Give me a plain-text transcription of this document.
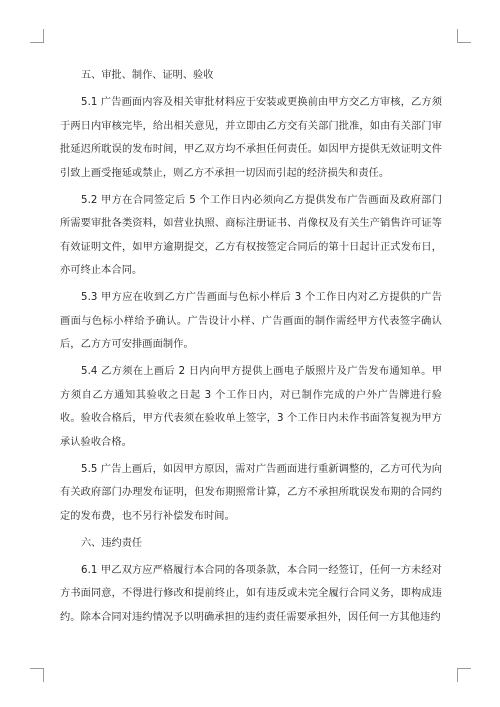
五、审批、制作、证明、验收

5.1 广告画面内容及相关审批材料应于安装或更换前由甲方交乙方审核，乙方须于两日内审核完毕，给出相关意见，并立即由乙方交有关部门批准，如由有关部门审批延迟所耽误的发布时间，甲乙双方均不承担任何责任。如因甲方提供无效证明文件引致上画受拖延或禁止，则乙方不承担一切因而引起的经济损失和责任。

5.2 甲方在合同签定后 5 个工作日内必须向乙方提供发布广告画面及政府部门所需要审批各类资料，如营业执照、商标注册证书、肖像权及有关生产销售许可证等有效证明文件，如甲方逾期提交，乙方有权按签定合同后的第十日起计正式发布日，亦可终止本合同。

5.3 甲方应在收到乙方广告画面与色标小样后 3 个工作日内对乙方提供的广告画面与色标小样给予确认。广告设计小样、广告画面的制作需经甲方代表签字确认后，乙方方可安排画面制作。

5.4 乙方须在上画后 2 日内向甲方提供上画电子版照片及广告发布通知单。甲方须自乙方通知其验收之日起 3 个工作日内，对已制作完成的户外广告牌进行验收。验收合格后，甲方代表须在验收单上签字，3 个工作日内未作书面答复视为甲方承认验收合格。

5.5 广告上画后，如因甲方原因，需对广告画面进行重新调整的，乙方可代为向有关政府部门办理发布证明，但发布期照常计算，乙方不承担所耽误发布期的合同约定的发布费，也不另行补偿发布时间。

六、违约责任

6.1 甲乙双方应严格履行本合同的各项条款，本合同一经签订，任何一方未经对方书面同意，不得进行修改和提前终止，如有违反或未完全履行合同义务，即构成违约。除本合同对违约情况予以明确承担的违约责任需要承担外，因任何一方其他违约
